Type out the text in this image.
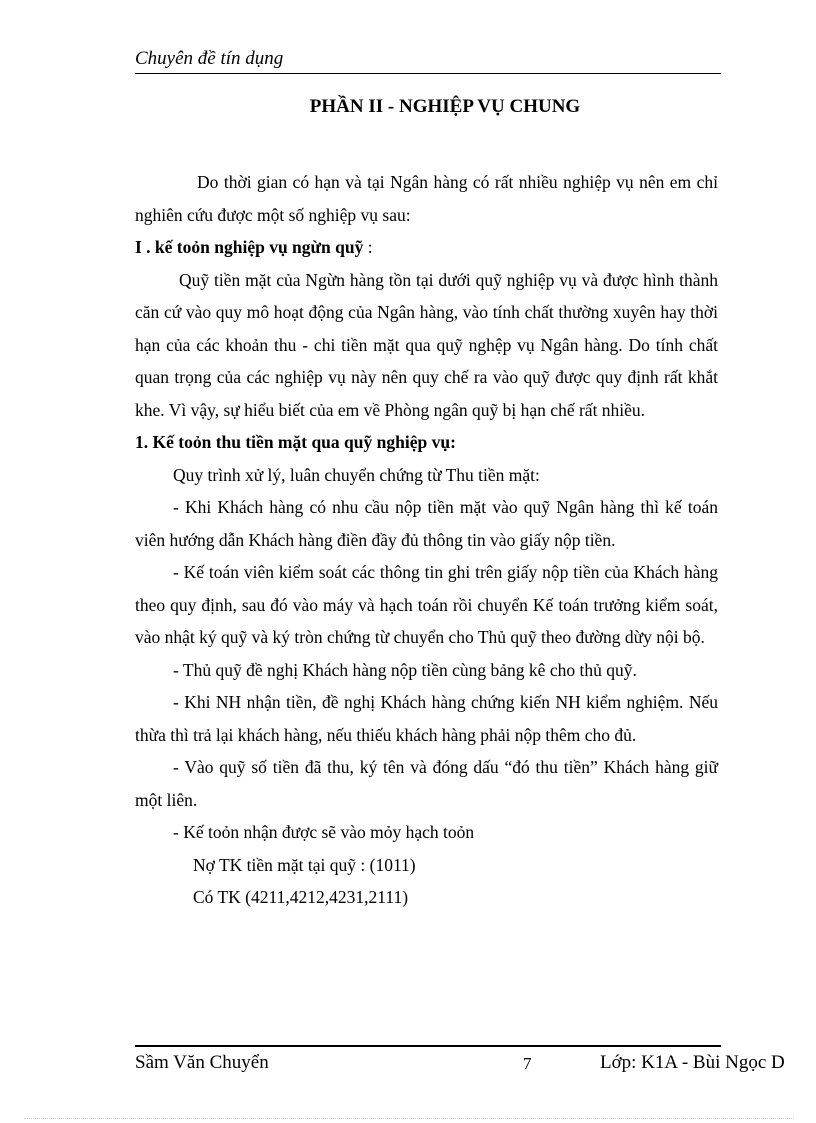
Chuyên đề tín dụng
PHẦN II - NGHIỆP VỤ CHUNG

Do thời gian có hạn và tại Ngân hàng có rất nhiều nghiệp vụ nên em chỉ nghiên cứu được một số nghiệp vụ sau:

I . kế toỏn nghiệp vụ ngừn quỹ :

Quỹ tiền mặt của Ngừn hàng tồn tại dưới quỹ nghiệp vụ và được hình thành căn cứ vào quy mô hoạt động của Ngân hàng, vào tính chất thường xuyên hay thời hạn của các khoản thu - chi tiền mặt qua quỹ nghệp vụ Ngân hàng. Do tính chất quan trọng của các nghiệp vụ này nên quy chế ra vào quỹ được quy định rất khắt khe. Vì vậy, sự hiểu biết của em về Phòng ngân quỹ bị hạn chế rất nhiều.

1. Kế toỏn thu tiền mặt qua quỹ nghiệp vụ:

Quy trình xử lý, luân chuyển chứng từ Thu tiền mặt:

- Khi Khách hàng có nhu cầu nộp tiền mặt vào quỹ Ngân hàng thì kế toán viên hướng dẫn Khách hàng điền đầy đủ thông tin vào giấy nộp tiền.

- Kế toán viên kiểm soát các thông tin ghi trên giấy nộp tiền của Khách hàng theo quy định, sau đó vào máy và hạch toán rồi chuyển Kế toán trưởng kiểm soát, vào nhật ký quỹ và ký tròn chứng từ chuyển cho Thủ quỹ theo đường dừy nội bộ.

- Thủ quỹ đề nghị Khách hàng nộp tiền cùng bảng kê cho thủ quỹ.

- Khi NH nhận tiền, đề nghị Khách hàng chứng kiến NH kiểm nghiệm. Nếu thừa thì trả lại khách hàng, nếu thiếu khách hàng phải nộp thêm cho đủ.

- Vào quỹ số tiền đã thu, ký tên và đóng dấu “đó thu tiền” Khách hàng giữ một liên.

- Kế toỏn nhận được sẽ vào mỏy hạch toỏn

Nợ TK tiền mặt tại quỹ : (1011)

Có TK (4211,4212,4231,2111)

Sầm Văn Chuyển	7	Lớp: K1A - Bùi Ngọc D
